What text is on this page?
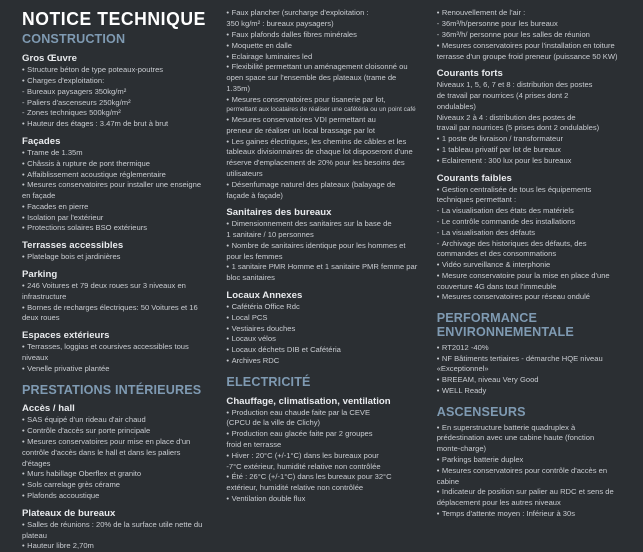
NOTICE TECHNIQUE
CONSTRUCTION
Gros Œuvre
• Structure béton de type poteaux-poutres
• Charges d'exploitation:
- Bureaux paysagers 350kg/m²
- Paliers d'ascenseurs 250kg/m²
- Zones techniques 500kg/m²
• Hauteur des étages : 3.47m de brut à brut
Façades
• Trame de 1.35m
• Châssis à rupture de pont thermique
• Affaiblissement acoustique réglementaire
• Mesures conservatoires pour installer une enseigne
en façade
• Facades en pierre
• Isolation par l'extérieur
• Protections solaires BSO extérieurs
Terrasses accessibles
• Platelage bois et jardinières
Parking
• 246 Voitures et 79 deux roues sur 3 niveaux en infrastructure
• Bornes de recharges électriques: 50 Voitures et 16
deux roues
Espaces extérieurs
• Terrasses, loggias et coursives accessibles tous niveaux
• Venelle privative plantée
PRESTATIONS INTÉRIEURES
Accès / hall
• SAS équipé d'un rideau d'air chaud
• Contrôle d'accès sur porte principale
• Mesures conservatoires pour mise en place d'un
contrôle d'accès dans le hall et dans les paliers d'étages
• Murs habillage Oberflex et granito
• Sols carrelage grès cérame
• Plafonds accoustique
Plateaux de bureaux
• Salles de réunions : 20% de la surface utile nette du plateau
• Hauteur libre 2,70m
• Faux plancher (surcharge d'exploitation :
350 kg/m² : bureaux paysagers)
• Faux plafonds dalles fibres minérales
• Moquette en dalle
• Eclairage luminaires led
• Flexibilité permettant un aménagement cloisonné ou
open space sur l'ensemble des plateaux (trame de 1.35m)
• Mesures conservatoires pour tisanerie par lot,
permettant aux locataires de réaliser une cafétéria ou un point café
• Mesures conservatoires VDI permettant au
preneur de réaliser un local brassage par lot
• Les gaines électriques, les chemins de câbles et les
tableaux divisionnaires de chaque lot disposeront d'une
réserve d'emplacement de 20% pour les besoins des
utilisateurs
• Désenfumage naturel des plateaux (balayage de
façade à façade)
Sanitaires des bureaux
• Dimensionnement des sanitaires sur la base de
1 sanitaire / 10 personnes
• Nombre de sanitaires identique pour les hommes et
pour les femmes
• 1 sanitaire PMR Homme et 1 sanitaire PMR femme par
bloc sanitaires
Locaux Annexes
• Cafétéria Office Rdc
• Local PCS
• Vestiaires douches
• Locaux vélos
• Locaux déchets DIB et Cafétéria
• Archives RDC
ELECTRICITÉ
Chauffage, climatisation, ventilation
• Production eau chaude faite par la CEVE
(CPCU de la ville de Clichy)
• Production eau glacée faite par 2 groupes
froid en terrasse
• Hiver : 20°C (+/-1°C) dans les bureaux pour
-7°C extérieur, humidité relative non contrôlée
• Été : 26°C (+/-1°C) dans les bureaux pour 32°C
extérieur, humidité relative non contrôlée
• Ventilation double flux
• Renouvellement de l'air :
- 36m³/h/personne pour les bureaux
- 36m³/h/ personne pour les salles de réunion
• Mesures conservatoires pour l'installation en toiture
terrasse d'un groupe froid preneur (puissance 50 KW)
Courants forts
Niveaux 1, 5, 6, 7 et 8 : distribution des postes
de travail par nourrices (4 prises dont 2
ondulables)
Niveaux 2 à 4 : distribution des postes de
travail par nourrices (5 prises dont 2 ondulables)
• 1 poste de livraison / transformateur
• 1 tableau privatif par lot de bureaux
• Eclairement : 300 lux pour les bureaux
Courants faibles
• Gestion centralisée de tous les équipements
techniques permettant :
- La visualisation des états des matériels
- Le contrôle commande des installations
- La visualisation des défauts
- Archivage des historiques des défauts, des
commandes et des consommations
• Vidéo surveillance & interphonie
• Mesure conservatoire pour la mise en place d'une
couverture 4G dans tout l'immeuble
• Mesures conservatoires pour réseau ondulé
PERFORMANCE ENVIRONNEMENTALE
• RT2012 -40%
• NF Bâtiments tertiaires - démarche HQE niveau
«Exceptionnel»
• BREEAM, niveau Very Good
• WELL Ready
ASCENSEURS
• En superstructure batterie quadruplex à
prédestination avec une cabine haute (fonction
monte-charge)
• Parkings batterie duplex
• Mesures conservatoires pour contrôle d'accès en
cabine
• Indicateur de position sur palier au RDC et sens de
déplacement pour les autres niveaux
• Temps d'attente moyen : Inférieur à 30s
